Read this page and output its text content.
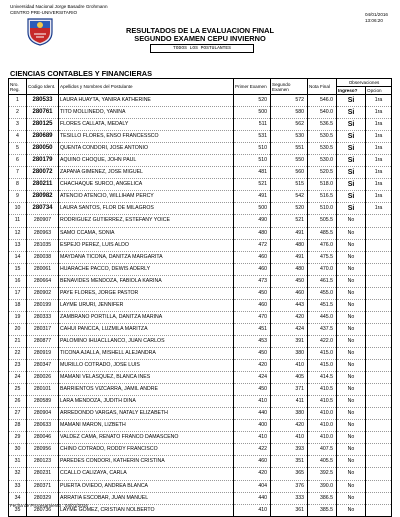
Universidad Nacional Jorge Basadre Grohmann
CENTRO PRE-UNIVERSITARIO	04/01/2016
13:06:20
RESULTADOS DE LA EVALUACION FINAL
SEGUNDO EXAMEN CEPU INVIERNO
TODOS LOS POSTULANTES
CIENCIAS CONTABLES Y FINANCIERAS
Nro. Reg.	Codigo Ident.	Apellidos y Nombres del Postulante	Primer Examen	Segundo Examen	Nota Final	Observaciones	
						Ingreso?	Opcion
1	280533	LAURA HUAYTA, YANIRA KATHERINE	520	572	546.0	Si	1ra
2	280761	TITO MOLLINEDO, YANINA	500	580	540.0	Si	1ra
3	280125	FLORES CALLATA, MEDALY	511	562	536.5	Si	1ra
4	280689	TESILLO FLORES, ENSO FRANCESSCO	531	530	530.5	Si	1ra
5	280050	QUENTA CONDORI, JOSE ANTONIO	510	551	530.5	Si	1ra
6	280179	AQUINO CHOQUE, JOHN PAUL	510	550	530.0	Si	1ra
7	280072	ZAPANA GIMENEZ, JOSE MIGUEL	481	560	520.5	Si	1ra
8	280211	CHACHAQUE SURCO, ANGELICA	521	515	518.0	Si	1ra
9	280982	ATENCIO ATENCIO, WILLIHAM PERCY	491	542	516.5	Si	1ra
10	280734	LAURA SANTOS, FLOR DE MILAGROS	500	520	510.0	Si	1ra
11	280907	RODRIGUEZ GUTIERREZ, ESTEFANY YOICE	490	521	505.5	No	
12	280963	SAMO CCAMA, SONIA	480	491	485.5	No	
13	281035	ESPEJO PEREZ, LUIS ALDO	472	480	476.0	No	
14	280038	MAYDANA TICONA, DANITZA MARGARITA	460	491	475.5	No	
15	280061	HUARACHE PACCO, DEWIS ADERLY	460	480	470.0	No	
16	280664	BENAVIDES MENDOZA, FABIOLA KARINA	473	450	461.5	No	
17	280902	PAYE FLORES, JORGE PASTOR	450	460	455.0	No	
18	280199	LAYME URURI, JENNIFER	460	443	451.5	No	
19	280333	ZAMBRANO PORTILLA, DANITZA MARINA	470	420	445.0	No	
20	280317	CAHUI PANCCA, LUZMILA MARITZA	451	424	437.5	No	
21	280877	PALOMINO IHUACLLANCO, JUAN CARLOS	453	391	422.0	No	
22	280919	TICONA AJALLA, MISHELL ALEJANDRA	450	380	415.0	No	
23	280347	MURILLO COTRADO, JOSE LUIS	420	410	415.0	No	
24	280026	MAMANI VELASQUEZ, BLANCA INES	424	405	414.5	No	
25	280101	BARRIENTOS VIZCARRA, JAMIL ANDRE	450	371	410.5	No	
26	280589	LARA MENDOZA, JUDITH DINA	410	411	410.5	No	
27	280904	ARREDONDO VARGAS, NATALY ELIZABETH	440	380	410.0	No	
28	280633	MAMANI MARON, LIZBETH	400	420	410.0	No	
29	280046	VALDEZ CAMA, RENATO FRANCO DAMASCENO	410	410	410.0	No	
30	280956	CHINO COTRADO, RODDY FRANCISCO	422	393	407.5	No	
31	280123	PAREDES CONDORI, KATHERIN CRISTINA	460	351	405.5	No	
32	280231	CCALLO CALIZAYA, CARLA	420	365	392.5	No	
33	280371	PUERTA OVIEDO, ANDREA BLANCA	404	376	390.0	No	
34	280329	ARRATIA ESCOBAR, JUAN MANUEL	440	333	386.5	No	
35	280736	LAYME GOMEZ, CRISTIAN NOLBERTO	410	361	385.5	No	
Fecha de Procesamiento : 04/01/2016
